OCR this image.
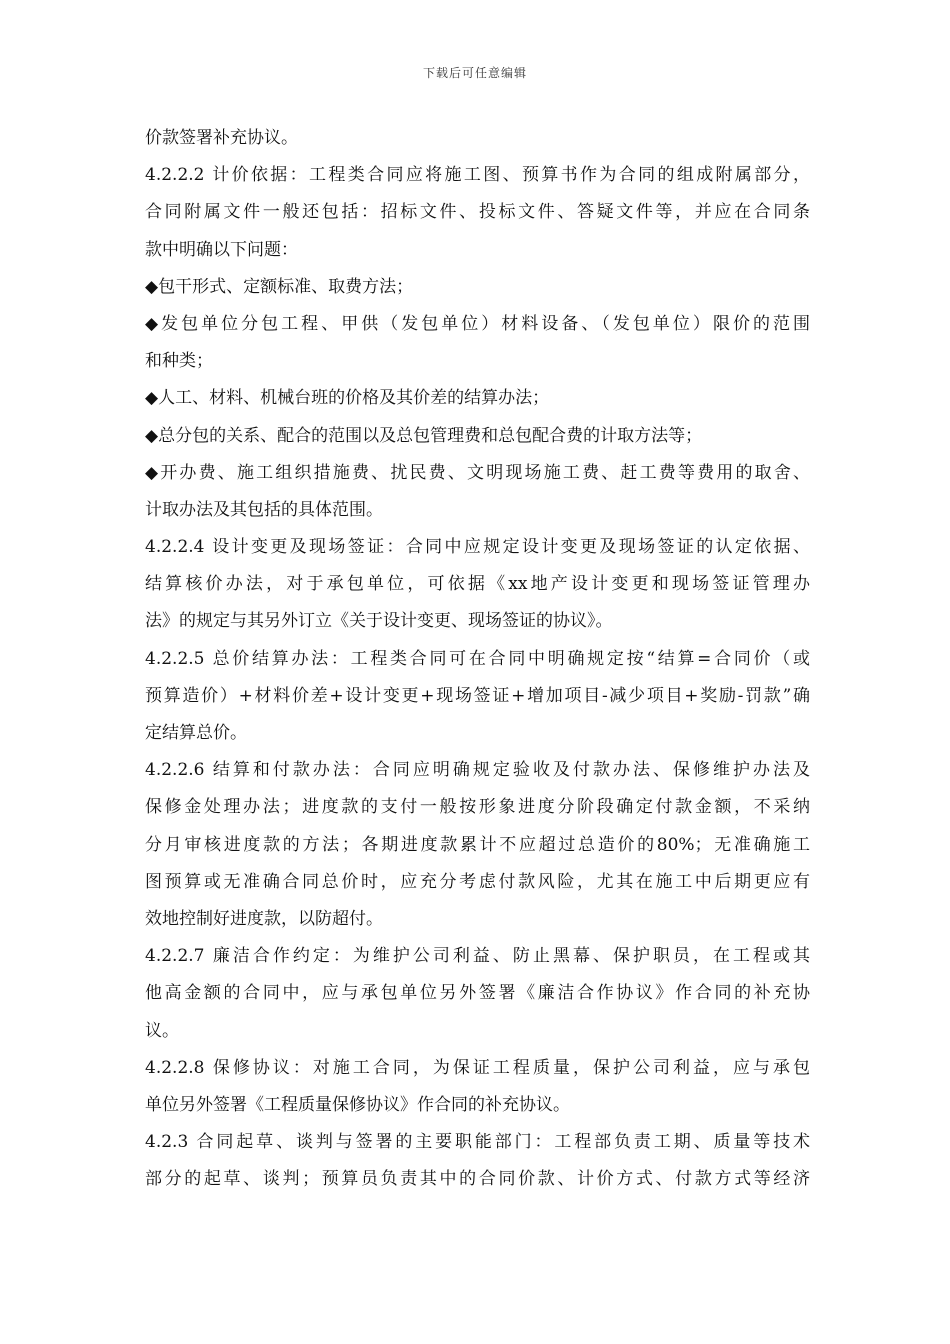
下载后可任意编辑
价款签署补充协议。
4.2.2.2 计价依据：工程类合同应将施工图、预算书作为合同的组成附属部分，
合同附属文件一般还包括：招标文件、投标文件、答疑文件等，并应在合同条
款中明确以下问题：
◆包干形式、定额标准、取费方法；
◆发包单位分包工程、甲供（发包单位）材料设备、（发包单位）限价的范围
和种类；
◆人工、材料、机械台班的价格及其价差的结算办法；
◆总分包的关系、配合的范围以及总包管理费和总包配合费的计取方法等；
◆开办费、施工组织措施费、扰民费、文明现场施工费、赶工费等费用的取舍、
计取办法及其包括的具体范围。
4.2.2.4 设计变更及现场签证：合同中应规定设计变更及现场签证的认定依据、
结算核价办法，对于承包单位，可依据《xx地产设计变更和现场签证管理办
法》的规定与其另外订立《关于设计变更、现场签证的协议》。
4.2.2.5 总价结算办法：工程类合同可在合同中明确规定按“结算=合同价（或
预算造价）+材料价差+设计变更+现场签证+增加项目-减少项目+奖励-罚款”确
定结算总价。
4.2.2.6 结算和付款办法：合同应明确规定验收及付款办法、保修维护办法及
保修金处理办法；进度款的支付一般按形象进度分阶段确定付款金额，不采纳
分月审核进度款的方法；各期进度款累计不应超过总造价的80%；无准确施工
图预算或无准确合同总价时，应充分考虑付款风险，尤其在施工中后期更应有
效地控制好进度款，以防超付。
4.2.2.7 廉洁合作约定：为维护公司利益、防止黑幕、保护职员，在工程或其
他高金额的合同中，应与承包单位另外签署《廉洁合作协议》作合同的补充协
议。
4.2.2.8 保修协议：对施工合同，为保证工程质量，保护公司利益，应与承包
单位另外签署《工程质量保修协议》作合同的补充协议。
4.2.3 合同起草、谈判与签署的主要职能部门：工程部负责工期、质量等技术
部分的起草、谈判；预算员负责其中的合同价款、计价方式、付款方式等经济
